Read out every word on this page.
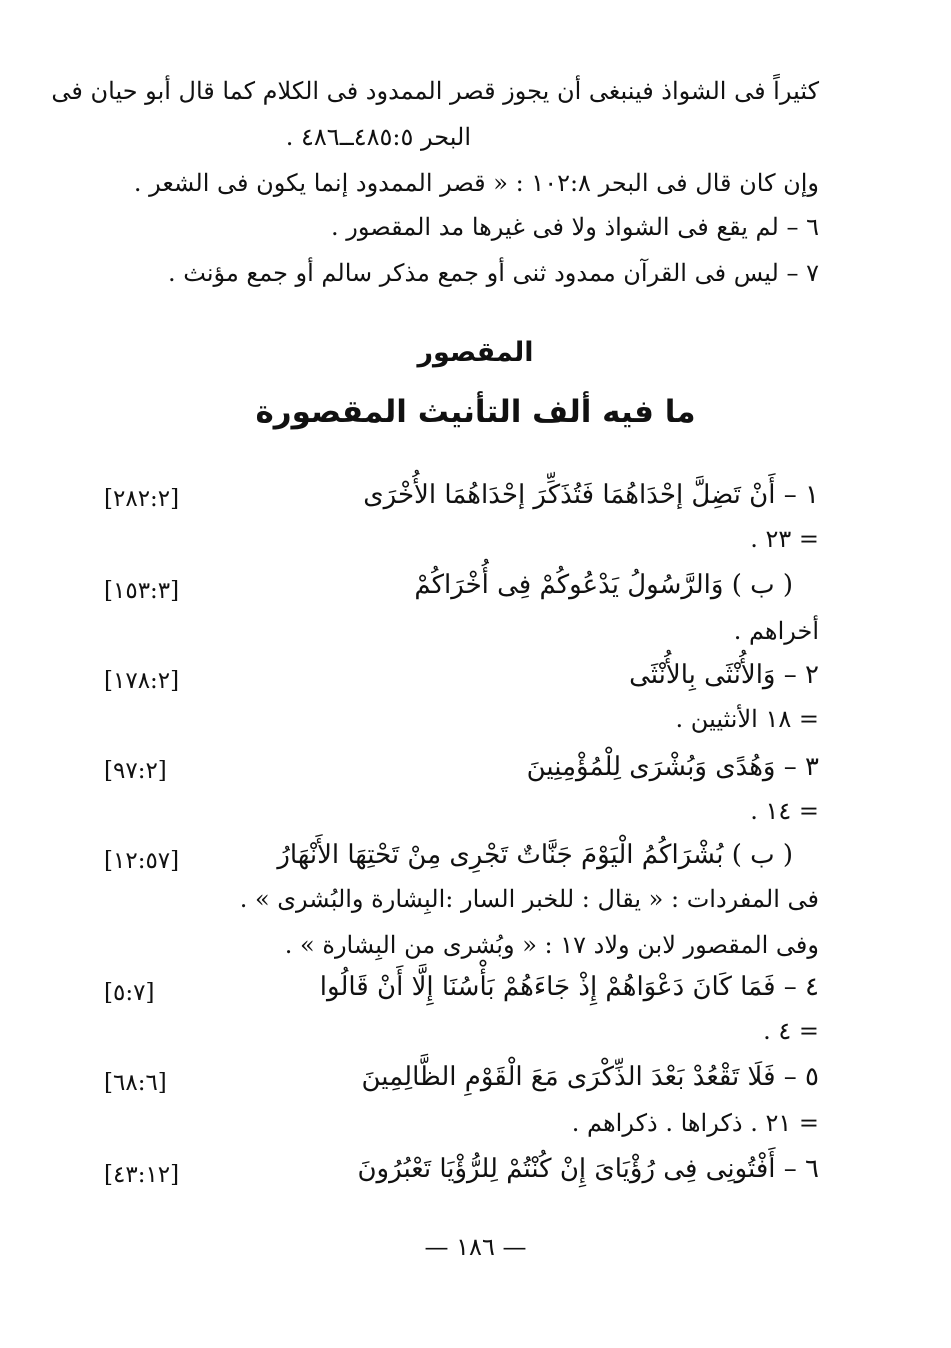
كثيراً فى الشواذ فينبغى أن يجوز قصر الممدود فى الكلام كما قال أبو حيان فى
البحر ٤٨٥:٥ــ٤٨٦ .
وإن كان قال فى البحر ١٠٢:٨ : « قصر الممدود إنما يكون فى الشعر .
٦ – لم يقع فى الشواذ ولا فى غيرها مد المقصور .
٧ – ليس فى القرآن ممدود ثنى أو جمع مذكر سالم أو جمع مؤنث .
المقصور
ما فيه ألف التأنيث المقصورة
١ – أَنْ تَضِلَّ إحْدَاهُمَا فَتُذَكِّرَ إحْدَاهُمَا الأُخْرَى
[٢٨٢:٢]
= ٢٣ .
( ب ) وَالرَّسُولُ يَدْعُوكُمْ فِى أُخْرَاكُمْ
[١٥٣:٣]
أخراهم .
٢ – وَالأُنْثَى بِالأُنْثَى
[١٧٨:٢]
= ١٨ الأنثيين .
٣ – وَهُدًى وَبُشْرَى لِلْمُؤْمِنِينَ
[٩٧:٢]
= ١٤ .
( ب ) بُشْرَاكُمُ الْيَوْمَ جَنَّاتٌ تَجْرِى مِنْ تَحْتِهَا الأَنْهَارُ
[١٢:٥٧]
فى المفردات : « يقال : للخبر السار :البِشارة والبُشرى » .
وفى المقصور لابن ولاد ١٧ : « وبُشرى من البِشارة » .
٤ – فَمَا كَانَ دَعْوَاهُمْ إِذْ جَاءَهُمْ بَأْسُنَا إِلَّا أَنْ قَالُوا
[٥:٧]
= ٤ .
٥ – فَلَا تَقْعُدْ بَعْدَ الذِّكْرَى مَعَ الْقَوْمِ الظَّالِمِينَ
[٦٨:٦]
= ٢١ . ذكراها . ذكراهم .
٦ – أَفْتُونِى فِى رُؤْيَاىَ إِنْ كُنْتُمْ لِلرُّؤْيَا تَعْبُرُونَ
[٤٣:١٢]
— ١٨٦ —
